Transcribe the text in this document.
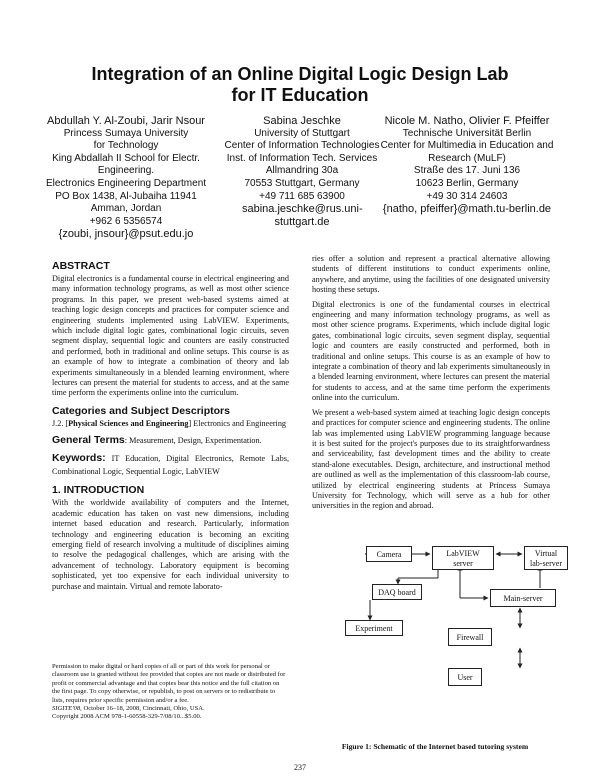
Integration of an Online Digital Logic Design Lab
for IT Education
Abdullah Y. Al-Zoubi, Jarir Nsour
Princess Sumaya University
for Technology
King Abdallah II School for Electr.
Engineering.
Electronics Engineering Department
PO Box 1438, Al-Jubaiha 11941
Amman, Jordan
+962 6 5356574
{zoubi, jnsour}@psut.edu.jo
Sabina Jeschke
University of Stuttgart
Center of Information Technologies
Inst. of Information Tech. Services
Allmandring 30a
70553 Stuttgart, Germany
+49 711 685 63900
sabina.jeschke@rus.uni-stuttgart.de
Nicole M. Natho, Olivier F. Pfeiffer
Technische Universität Berlin
Center for Multimedia in Education and
Research (MuLF)
Straße des 17. Juni 136
10623 Berlin, Germany
+49 30 314 24603
{natho, pfeiffer}@math.tu-berlin.de
ABSTRACT

Digital electronics is a fundamental course in electrical engineering and many information technology programs, as well as most other science programs. In this paper, we present web-based systems aimed at teaching logic design concepts and practices for computer science and engineering students implemented using LabVIEW. Experiments, which include digital logic gates, combinational logic circuits, seven segment display, sequential logic and counters are easily constructed and performed, both in traditional and online setups. This course is as an example of how to integrate a combination of theory and lab experiments simultaneously in a blended learning environment, where lectures can present the material for students to access, and at the same time perform the experiments online into the curriculum.

Categories and Subject Descriptors

J.2. [Physical Sciences and Engineering] Electronics and Engineering

General Terms: Measurement, Design, Experimentation.

Keywords: IT Education, Digital Electronics, Remote Labs, Combinational Logic, Sequential Logic, LabVIEW

1. INTRODUCTION

With the worldwide availability of computers and the Internet, academic education has taken on vast new dimensions, including internet based education and research. Particularly, information technology and engineering education is becoming an exciting emerging field of research involving a multitude of disciplines aiming to resolve the pedagogical challenges, which are arising with the advancement of technology. Laboratory equipment is becoming sophisticated, yet too expensive for each individual university to purchase and maintain. Virtual and remote laborato-

Permission to make digital or hard copies of all or part of this work for personal or classroom use is granted without fee provided that copies are not made or distributed for profit or commercial advantage and that copies bear this notice and the full citation on the first page. To copy otherwise, or republish, to post on servers or to redistribute to lists, requires prior specific permission and/or a fee.
SIGITE'08, October 16–18, 2008, Cincinnati, Ohio, USA.
Copyright 2008 ACM 978-1-60558-329-7/08/10...$5.00.

ries offer a solution and represent a practical alternative allowing students of different institutions to conduct experiments online, anywhere, and anytime, using the facilities of one designated university hosting these setups.

Digital electronics is one of the fundamental courses in electrical engineering and many information technology programs, as well as most other science programs. Experiments, which include digital logic gates, combinational logic circuits, seven segment display, sequential logic and counters are easily constructed and performed, both in traditional and online setups. This course is as an example of how to integrate a combination of theory and lab experiments simultaneously in a blended learning environment, where lectures can present the material for students to access, and at the same time perform the experiments online into the curriculum.

We present a web-based system aimed at teaching logic design concepts and practices for computer science and engineering students. The online lab was implemented using LabVIEW programming language because it is best suited for the project's purposes due to its straightforwardness and serviceability, fast development times and the ability to create stand-alone executables. Design, architecture, and instructional method are outlined as well as the implementation of this classroom-lab course, utilized by electrical engineering students at Princess Sumaya University for Technology, which will serve as a hub for other universities in the region and abroad.

Camera	LabVIEW
server
Virtual
lab-server
DAQ board
Main-server
Experiment
Firewall
User
Figure 1: Schematic of the Internet based tutoring system
237
